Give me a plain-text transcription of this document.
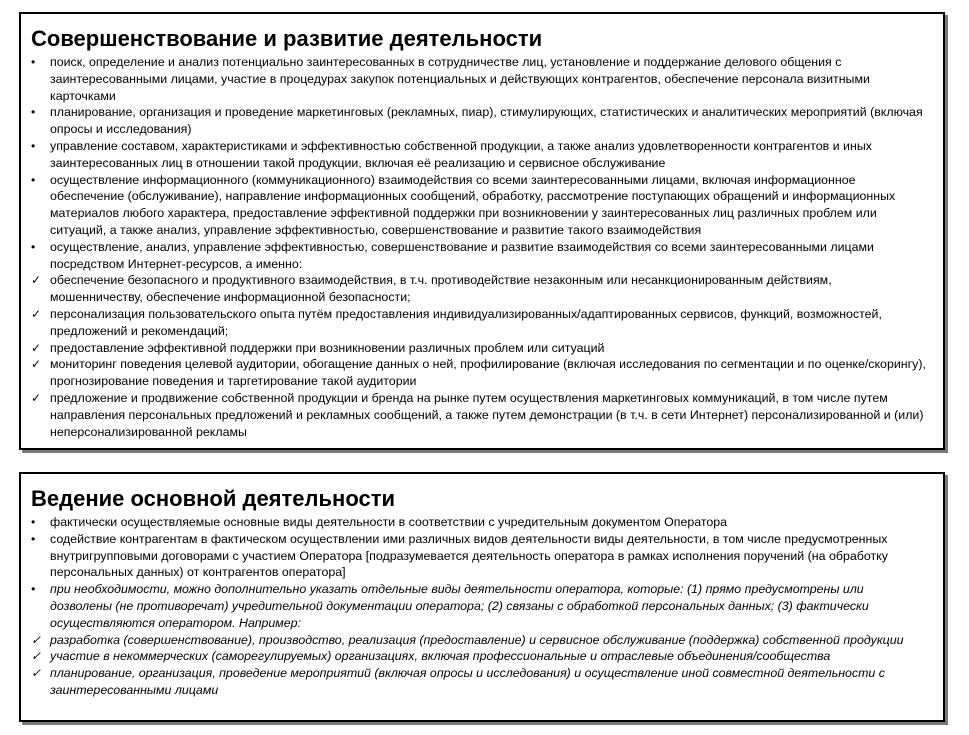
Совершенствование и развитие деятельности
•	поиск, определение и анализ потенциально заинтересованных в сотрудничестве лиц, установление и поддержание делового общения с заинтересованными лицами, участие в процедурах закупок потенциальных и действующих контрагентов, обеспечение персонала визитными карточками
•	планирование, организация и проведение маркетинговых (рекламных, пиар), стимулирующих, статистических и аналитических мероприятий (включая опросы и исследования)
•	управление составом, характеристиками и эффективностью собственной продукции, а также анализ удовлетворенности контрагентов и иных заинтересованных лиц в отношении такой продукции, включая её реализацию и сервисное обслуживание
•	осуществление информационного (коммуникационного) взаимодействия со всеми заинтересованными лицами, включая информационное обеспечение (обслуживание), направление информационных сообщений, обработку, рассмотрение поступающих обращений и информационных материалов любого характера, предоставление эффективной поддержки при возникновении у заинтересованных лиц различных проблем или ситуаций, а также анализ, управление эффективностью, совершенствование и развитие такого взаимодействия
•	осуществление, анализ, управление эффективностью, совершенствование и развитие взаимодействия со всеми заинтересованными лицами посредством Интернет-ресурсов, а именно:
✓ обеспечение безопасного и продуктивного взаимодействия, в т.ч. противодействие незаконным или несанкционированным действиям, мошенничеству, обеспечение информационной безопасности;
✓ персонализация пользовательского опыта путём предоставления индивидуализированных/адаптированных сервисов, функций, возможностей, предложений и рекомендаций;
✓ предоставление эффективной поддержки при возникновении различных проблем или ситуаций
✓ мониторинг поведения целевой аудитории, обогащение данных о ней, профилирование (включая исследования по сегментации и по оценке/скорингу), прогнозирование поведения и таргетирование такой аудитории
✓ предложение и продвижение собственной продукции и бренда на рынке путем осуществления маркетинговых коммуникаций, в том числе путем направления персональных предложений и рекламных сообщений, а также путем демонстрации (в т.ч. в сети Интернет) персонализированной и (или) неперсонализированной рекламы
Ведение основной деятельности
•	фактически осуществляемые основные виды деятельности в соответствии с учредительным документом Оператора
•	содействие контрагентам в фактическом осуществлении ими различных видов деятельности виды деятельности, в том числе предусмотренных внутригрупповыми договорами с участием Оператора [подразумевается деятельность оператора в рамках исполнения поручений (на обработку персональных данных) от контрагентов оператора]
•	при необходимости, можно дополнительно указать отдельные виды деятельности оператора, которые: (1) прямо предусмотрены или дозволены (не противоречат) учредительной документации оператора; (2) связаны с обработкой персональных данных; (3) фактически осуществляются оператором. Например:
✓ разработка (совершенствование), производство, реализация (предоставление) и сервисное обслуживание (поддержка) собственной продукции
✓ участие в некоммерческих (саморегулируемых) организациях, включая профессиональные и отраслевые объединения/сообщества
✓ планирование, организация, проведение мероприятий (включая опросы и исследования) и осуществление иной совместной деятельности с заинтересованными лицами
